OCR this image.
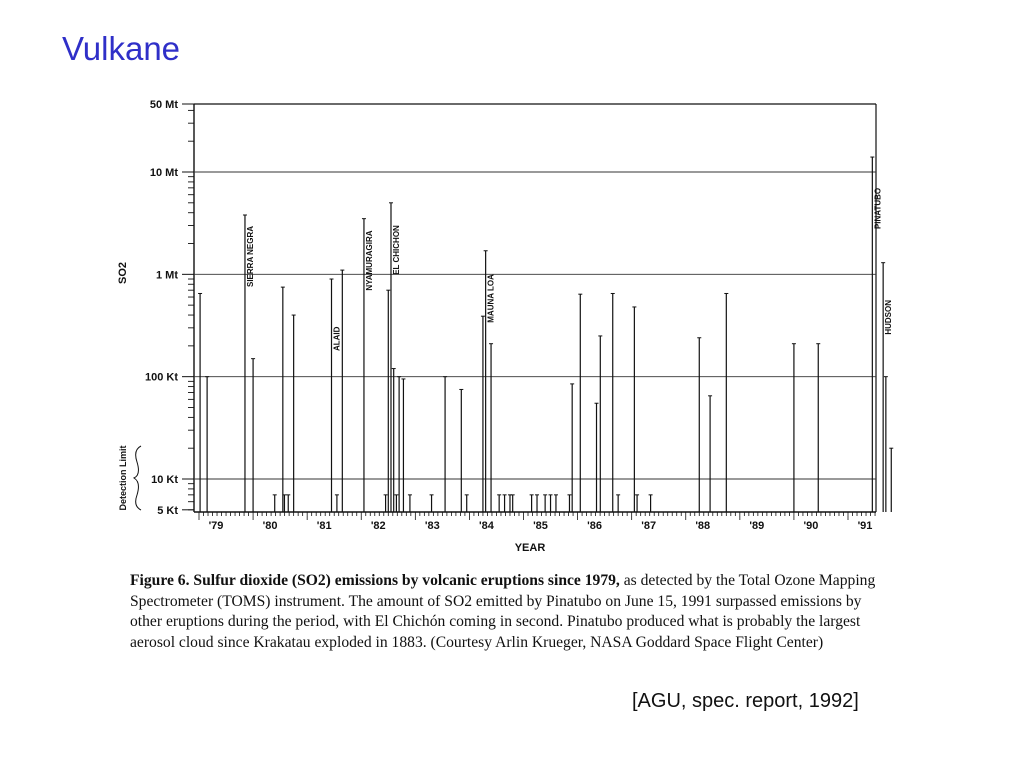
Vulkane
SIERRA NEGRA
ALAID
NYAMURAGIRA EL CHICHON
MAUNA LOA
PINATUBO
HUDSON
50 Mt
10 Mt
1 Mt
100 Kt
10 Kt
5 Kt
'79	'80	'81	'82	'83	'84	'85	'86	'87	'88	'89	'90	'91
SO2
YEAR
Detection Limit

Figure 6. Sulfur dioxide (SO2) emissions by volcanic eruptions since 1979, as detected by the Total Ozone Mapping Spectrometer (TOMS) instrument. The amount of SO2 emitted by Pinatubo on June 15, 1991 surpassed emissions by other eruptions during the period, with El Chichón coming in second. Pinatubo produced what is probably the largest aerosol cloud since Krakatau exploded in 1883. (Courtesy Arlin Krueger, NASA Goddard Space Flight Center)

[AGU, spec. report, 1992]
